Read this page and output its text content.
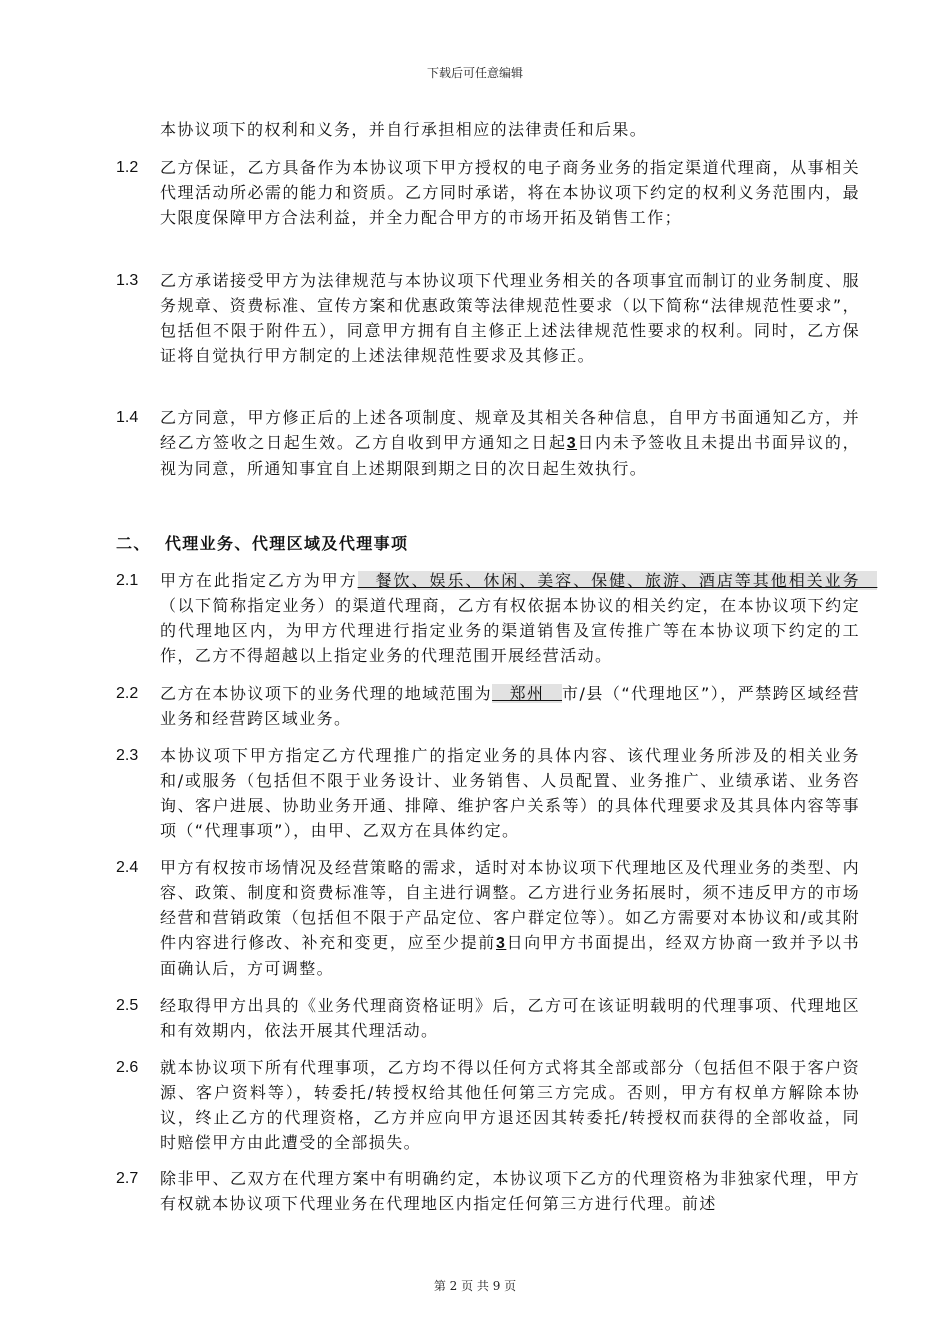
下载后可任意编辑
本协议项下的权利和义务，并自行承担相应的法律责任和后果。
1.2 乙方保证，乙方具备作为本协议项下甲方授权的电子商务业务的指定渠道代理商，从事相关代理活动所必需的能力和资质。乙方同时承诺，将在本协议项下约定的权利义务范围内，最大限度保障甲方合法利益，并全力配合甲方的市场开拓及销售工作；
1.3 乙方承诺接受甲方为法律规范与本协议项下代理业务相关的各项事宜而制订的业务制度、服务规章、资费标准、宣传方案和优惠政策等法律规范性要求（以下简称“法律规范性要求”，包括但不限于附件五），同意甲方拥有自主修正上述法律规范性要求的权利。同时，乙方保证将自觉执行甲方制定的上述法律规范性要求及其修正。
1.4 乙方同意，甲方修正后的上述各项制度、规章及其相关各种信息，自甲方书面通知乙方，并经乙方签收之日起生效。乙方自收到甲方通知之日起3日内未予签收且未提出书面异议的，视为同意，所通知事宜自上述期限到期之日的次日起生效执行。
二、 代理业务、代理区域及代理事项
2.1 甲方在此指定乙方为甲方　餐饮、娱乐、休闲、美容、保健、旅游、酒店等其他相关业务　（以下简称指定业务）的渠道代理商，乙方有权依据本协议的相关约定，在本协议项下约定的代理地区内，为甲方代理进行指定业务的渠道销售及宣传推广等在本协议项下约定的工作，乙方不得超越以上指定业务的代理范围开展经营活动。
2.2 乙方在本协议项下的业务代理的地域范围为　郑州　市/县（“代理地区”），严禁跨区域经营业务和经营跨区域业务。
2.3 本协议项下甲方指定乙方代理推广的指定业务的具体内容、该代理业务所涉及的相关业务和/或服务（包括但不限于业务设计、业务销售、人员配置、业务推广、业绩承诺、业务咨询、客户进展、协助业务开通、排障、维护客户关系等）的具体代理要求及其具体内容等事项（“代理事项”），由甲、乙双方在具体约定。
2.4 甲方有权按市场情况及经营策略的需求，适时对本协议项下代理地区及代理业务的类型、内容、政策、制度和资费标准等，自主进行调整。乙方进行业务拓展时，须不违反甲方的市场经营和营销政策（包括但不限于产品定位、客户群定位等）。如乙方需要对本协议和/或其附件内容进行修改、补充和变更，应至少提前3日向甲方书面提出，经双方协商一致并予以书面确认后，方可调整。
2.5 经取得甲方出具的《业务代理商资格证明》后，乙方可在该证明载明的代理事项、代理地区和有效期内，依法开展其代理活动。
2.6 就本协议项下所有代理事项，乙方均不得以任何方式将其全部或部分（包括但不限于客户资源、客户资料等），转委托/转授权给其他任何第三方完成。否则，甲方有权单方解除本协议，终止乙方的代理资格，乙方并应向甲方退还因其转委托/转授权而获得的全部收益，同时赔偿甲方由此遭受的全部损失。
2.7 除非甲、乙双方在代理方案中有明确约定，本协议项下乙方的代理资格为非独家代理，甲方有权就本协议项下代理业务在代理地区内指定任何第三方进行代理。前述
第 2 页 共 9 页
